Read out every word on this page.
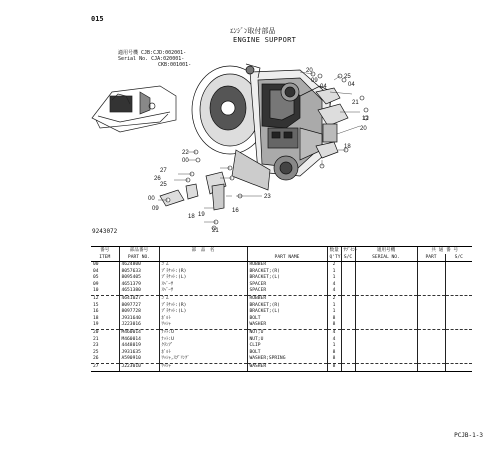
015
ｴﾝｼﾞﾝ取付部品
ENGINE SUPPORT
適用号機 CJB:CJD:002001-
Serial No. CJA:020001-
CKB:001001-
20
09
04
25
04
12
21
20
18
27
26
25
00
09
19
18
16
21
23
22
00
9243072
番号	部品番号	部　品　名		数量	ｻﾌﾞｾﾝﾄ	適用号機	共 通 番 号	
ITEM	PART NO.		PART NAME	Q'TY	S/C	SERIAL NO.	PART	S/C
00	4624800	ｺﾞﾑ	RUBBER	2				
04	8057633	ﾌﾞﾗｹｯﾄ:(R)	BRACKET;(R)	1				
05	8095405	ﾌﾞﾗｹｯﾄ:(L)	BRACKET;(L)	1				
09	4651379	ｽﾍﾟｰｻ	SPACER	4				
10	4651380	ｽﾍﾟｰｻ	SPACER	4				
12	4641027	ｺﾞﾑ	RUBBER	2				
15	8097727	ﾌﾞﾗｹｯﾄ:(R)	BRACKET;(R)	1				
16	8097728	ﾌﾞﾗｹｯﾄ:(L)	BRACKET;(L)	1				
18	J931640	ﾎﾞﾙﾄ	BOLT	8				
19	J223016	ﾜｯｼｬ	WASHER	8				
20	M460014	ﾅｯﾄ:U	NUT;U	4				
21	M460014	ﾅｯﾄ:U	NUT;U	4				
23	4448019	ｸﾗﾝﾌﾟ	CLIP	1				
25	J931635	ﾎﾞﾙﾄ	BOLT	8				
26	A590910	ﾜｯｼｬ,ｽﾌﾟﾘﾝｸﾞ	WASHER;SPRING	8				
27	J223010	ﾜｯｼｬ	WASHER	8				
PCJB-1-3
